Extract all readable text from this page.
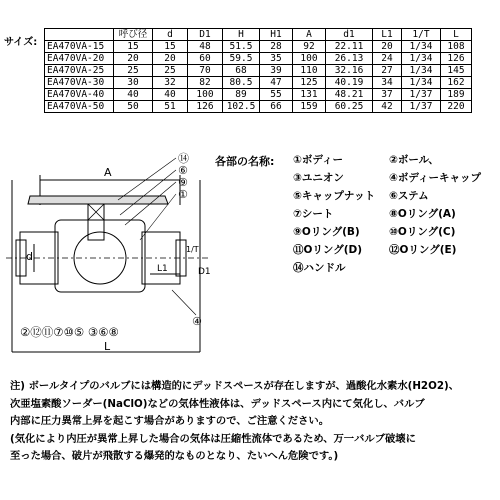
サイズ:
	呼び径	d	D1	H	H1	A	d1	L1	1/T	L
EA470VA-15	15	15	48	51.5	28	92	22.11	20	1/34	108
EA470VA-20	20	20	60	59.5	35	100	26.13	24	1/34	126
EA470VA-25	25	25	70	68	39	110	32.16	27	1/34	145
EA470VA-30	30	32	82	80.5	47	125	40.19	34	1/34	162
EA470VA-40	40	40	100	89	55	131	48.21	37	1/37	189
EA470VA-50	50	51	126	102.5	66	159	60.25	42	1/37	220
A
d
L
L1
1/T
D1
⑭
⑥
⑨
①
④
②⑫⑪⑦⑩⑤ ③⑥⑧
各部の名称: ①ボディー	②ボール、
③ユニオン	④ボディーキャップ
⑤キャップナット	⑥ステム
⑦シート	⑧Oリング(A)
⑨Oリング(B)	⑩Oリング(C)
⑪Oリング(D)	⑫Oリング(E)
⑭ハンドル
注) ボールタイプのバルブには構造的にデッドスペースが存在しますが、過酸化水素水(H2O2)、
次亜塩素酸ソーダー(NaClO)などの気体性液体は、デッドスペース内にて気化し、バルブ
内部に圧力異常上昇を起こす場合がありますので、ご注意ください。
(気化により内圧が異常上昇した場合の気体は圧縮性流体であるため、万一バルブ破壊に
至った場合、破片が飛散する爆発的なものとなり、たいへん危険です。)
